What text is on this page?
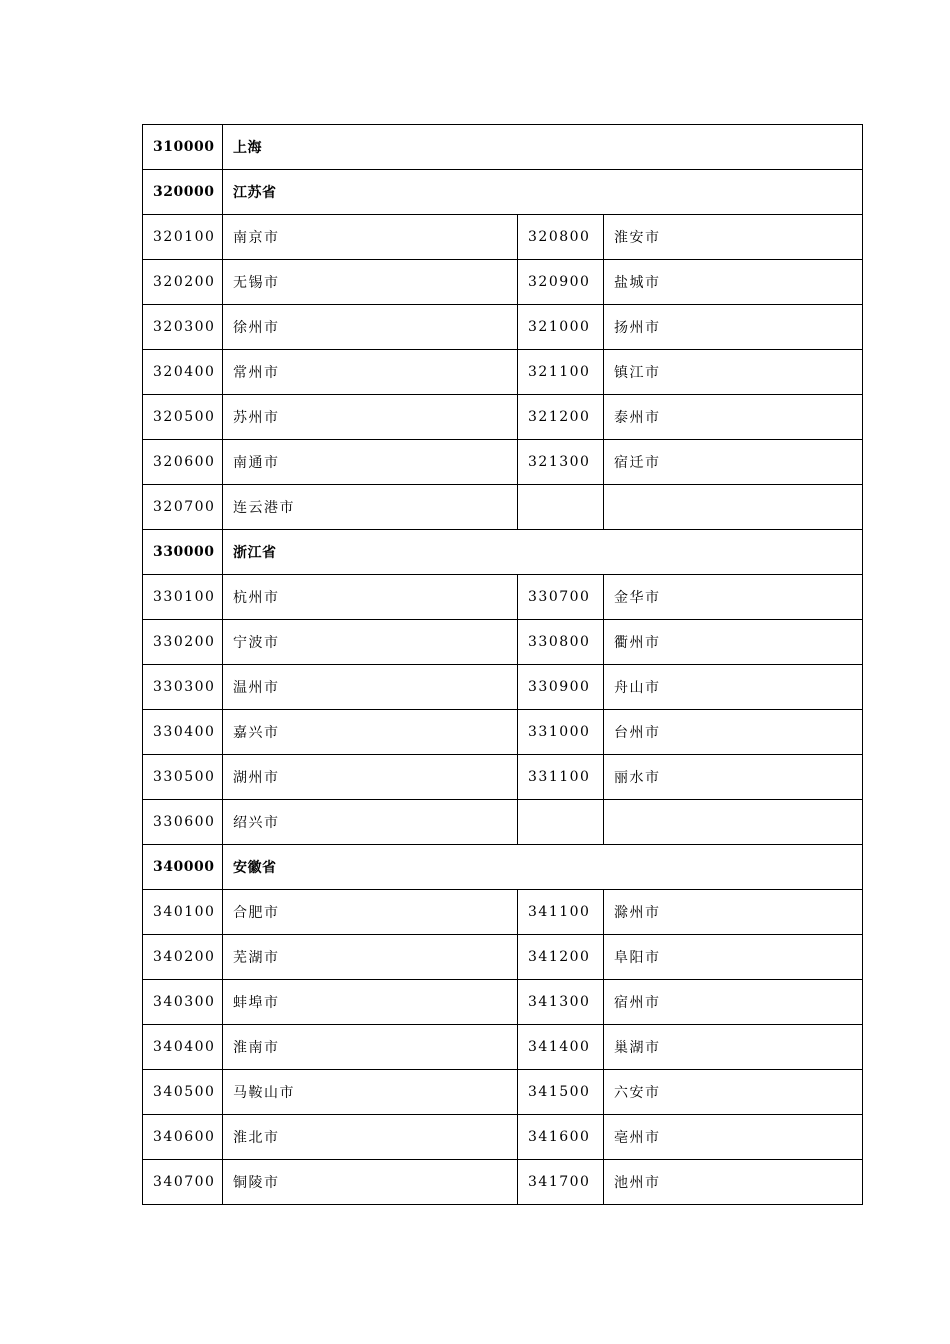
310000	上海		
320000	江苏省		
320100	南京市	320800	淮安市
320200	无锡市	320900	盐城市
320300	徐州市	321000	扬州市
320400	常州市	321100	镇江市
320500	苏州市	321200	泰州市
320600	南通市	321300	宿迁市
320700	连云港市		
330000	浙江省		
330100	杭州市	330700	金华市
330200	宁波市	330800	衢州市
330300	温州市	330900	舟山市
330400	嘉兴市	331000	台州市
330500	湖州市	331100	丽水市
330600	绍兴市		
340000	安徽省		
340100	合肥市	341100	滁州市
340200	芜湖市	341200	阜阳市
340300	蚌埠市	341300	宿州市
340400	淮南市	341400	巢湖市
340500	马鞍山市	341500	六安市
340600	淮北市	341600	亳州市
340700	铜陵市	341700	池州市
